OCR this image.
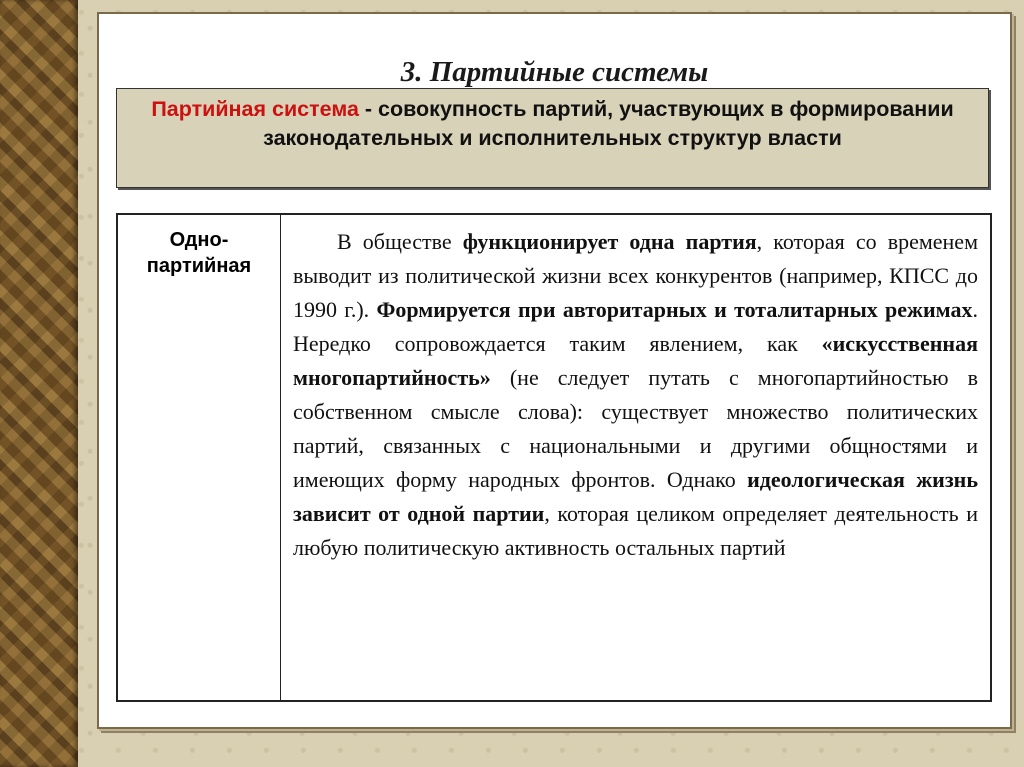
3. Партийные системы
Партийная система - совокупность партий, участвующих в формировании законодательных и исполнительных структур власти
Одно-
партийная	В обществе функционирует одна партия, которая со временем выводит из политической жизни всех конкурентов (например, КПСС до 1990 г.). Формируется при авторитарных и тоталитарных режимах. Нередко сопровождается таким явлением, как «искусственная многопартийность» (не следует путать с многопартийностью в собственном смысле слова): существует множество политических партий, связанных с национальными и другими общностями и имеющих форму народных фронтов. Однако идеологическая жизнь зависит от одной партии, которая целиком определяет деятельность и любую политическую активность остальных партий
